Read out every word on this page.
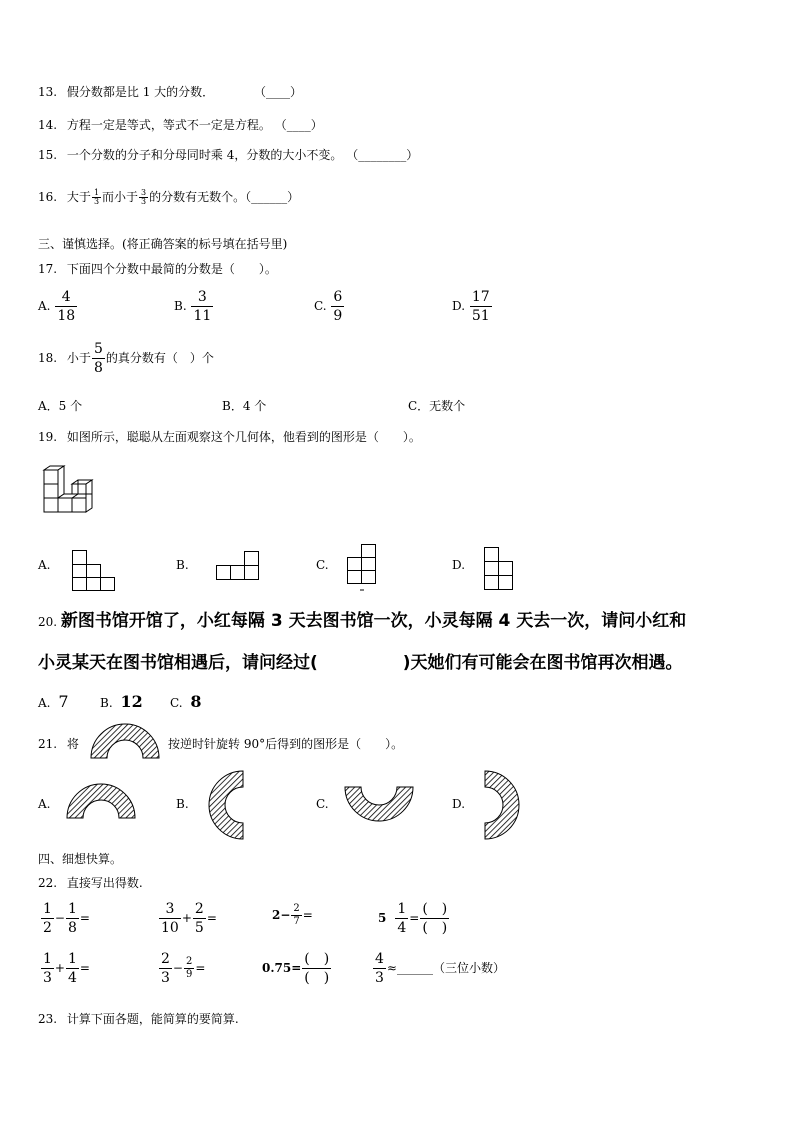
13. 假分数都是比 1 大的分数．	（____）
14. 方程一定是等式，等式不一定是方程。 （____）
15. 一个分数的分子和分母同时乘 4，分数的大小不变。 （________）
16. 大于 $\frac{1}{3}$ 而小于 $\frac{3}{3}$ 的分数有无数个。（______）
三、谨慎选择。(将正确答案的标号填在括号里)
17. 下面四个分数中最简的分数是（　　）。
A. $\frac{4}{18}$	B. $\frac{3}{11}$	C. $\frac{6}{9}$	D. $\frac{17}{51}$
18. 小于 $\frac{5}{8}$ 的真分数有（　）个
A．5 个	B．4 个	C．无数个
19. 如图所示，聪聪从左面观察这个几何体，他看到的图形是（　　）。
A.	B.	C.	D.
20. 新图书馆开馆了，小红每隔 3 天去图书馆一次，小灵每隔 4 天去一次，请问小红和
小灵某天在图书馆相遇后，请问经过(　　　　　)天她们有可能会在图书馆再次相遇。
A. 7	B. 12 C. 8
21. 将	按逆时针旋转 90°后得到的图形是（　　）。
A.	B.	C.	D.
四、细想快算。
22. 直接写出得数.
$\frac{1}{2} - \frac{1}{8}$ =	$\frac{3}{10} + \frac{2}{5}$ =	$2- \frac{2}{7}$ =	$5 \frac{1}{4} = \frac{( )}{( )}$
$\frac{1}{3} + \frac{1}{4}$ =	$\frac{2}{3} - \frac{2}{9}$ =	$0.75= \frac{( )}{( )}$	$\frac{4}{3}$ ≈______（三位小数）
23. 计算下面各题，能简算的要简算.
